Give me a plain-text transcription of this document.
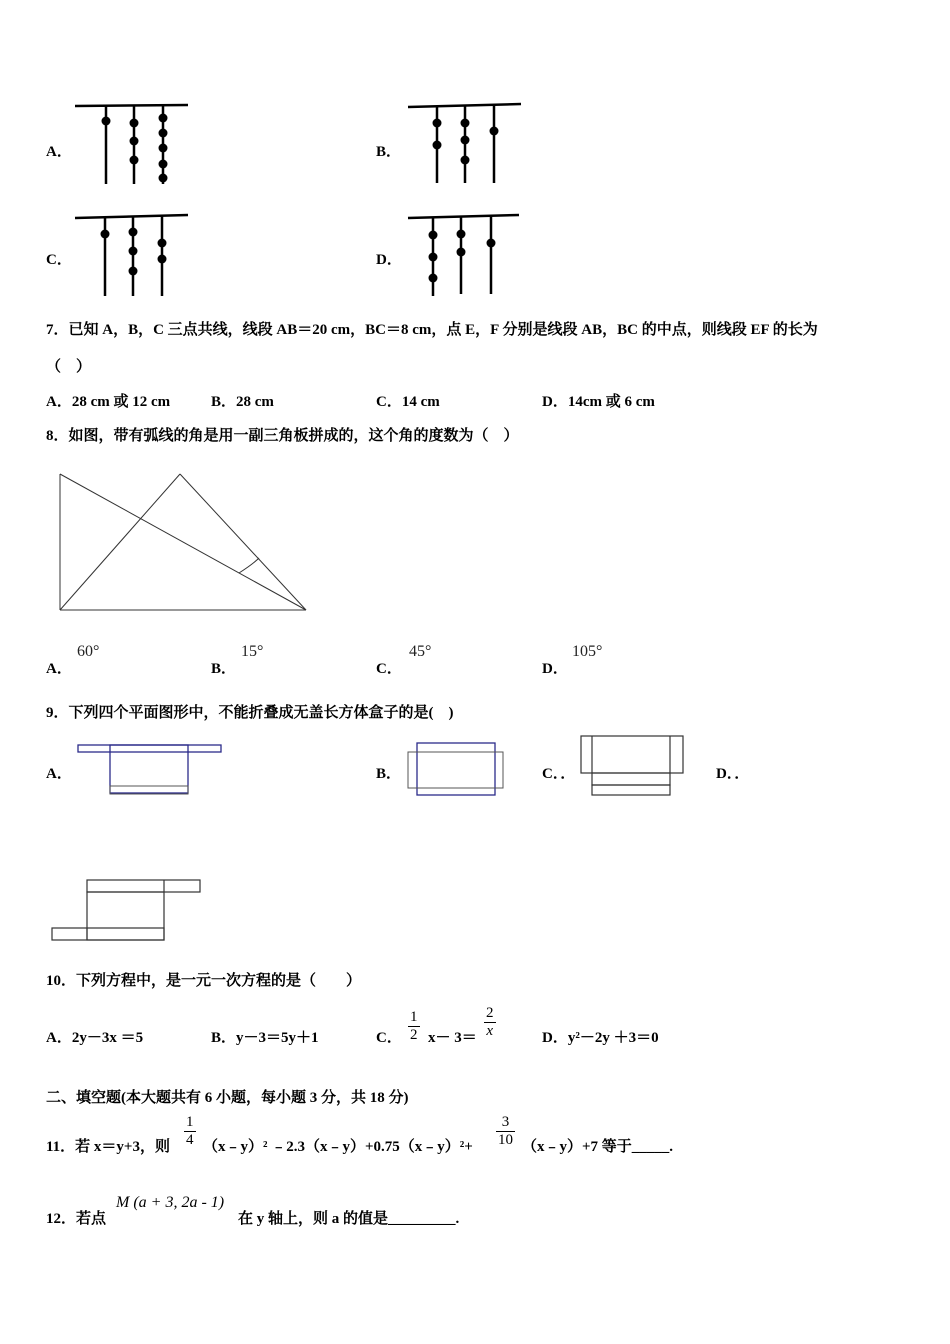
A．	B．
C．	D．
7．已知 A，B，C 三点共线，线段 AB＝20 cm，BC＝8 cm，点 E，F 分别是线段 AB，BC 的中点，则线段 EF 的长为
（　）
A．28 cm 或 12 cm	B．28 cm	C．14 cm	D．14cm 或 6 cm
8．如图，带有弧线的角是用一副三角板拼成的，这个角的度数为（　）
A．
60°
B．
15°
C．
45°
D．
105°
9．下列四个平面图形中，不能折叠成无盖长方体盒子的是(　)
A．	B．	C．．	D．．
10．下列方程中，是一元一次方程的是（　　）
A．2y－3x ＝5	B．y－3＝5y＋1	C． $\frac{1}{2} x- 3= \frac{2}{x}$	D．y²－2y ＋3＝0
二、填空题(本大题共有 6 小题，每小题 3 分，共 18 分)
11．若 x＝y+3，则 $\frac{1}{4}$ （x﹣y）² ﹣2.3（x﹣y）+0.75（x﹣y）²+ $\frac{3}{10}$ （x﹣y）+7 等于_____.
12．若点
M (a + 3, 2a - 1)
在 y 轴上，则 a 的值是_________.
